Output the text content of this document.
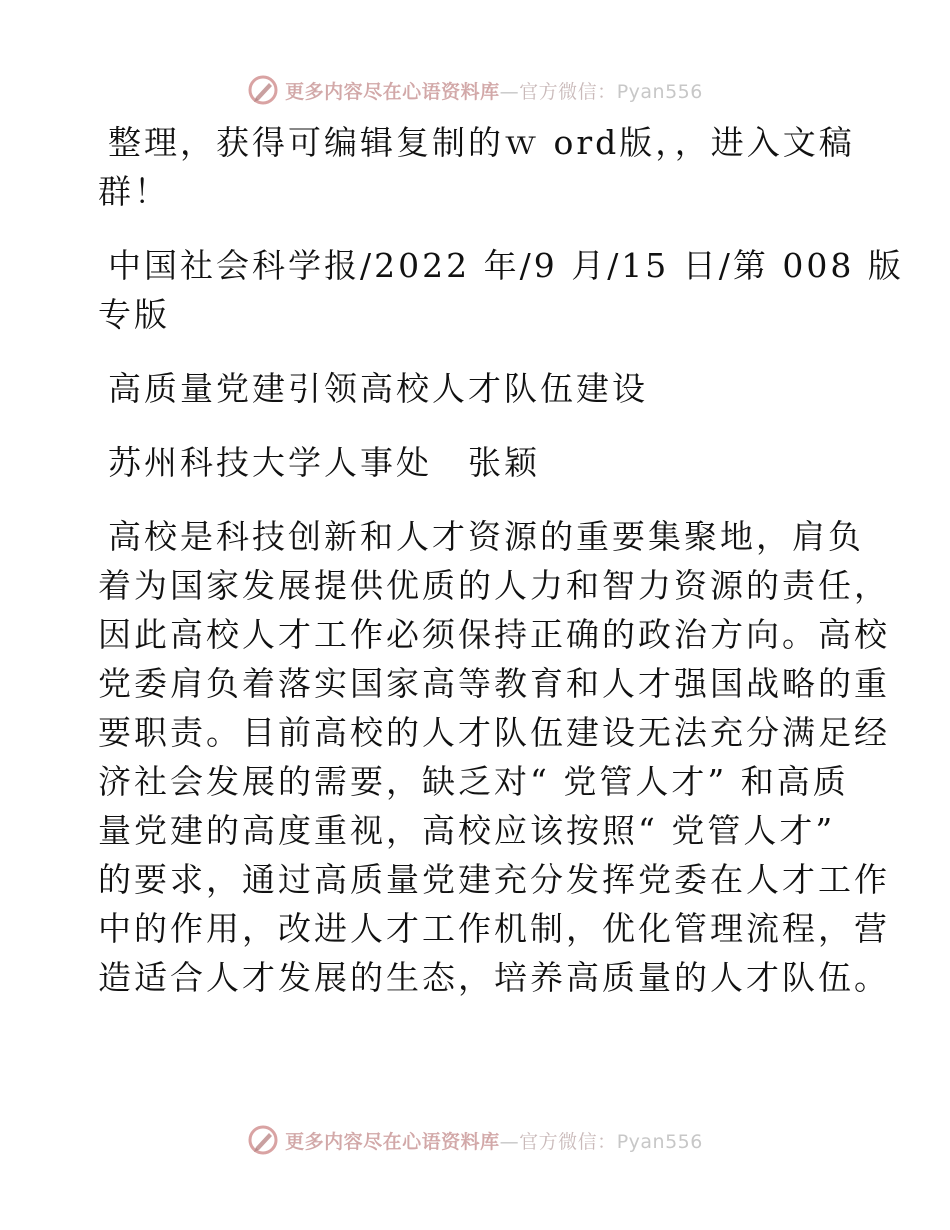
更多内容尽在心语资料库—官方微信：Pyan556
整理，获得可编辑复制的ｗ ord版，，进入文稿
群！
中国社会科学报/2022 年/9 月/15 日/第 008 版
专版
高质量党建引领高校人才队伍建设
苏州科技大学人事处　张颖
高校是科技创新和人才资源的重要集聚地，肩负
着为国家发展提供优质的人力和智力资源的责任，
因此高校人才工作必须保持正确的政治方向。高校
党委肩负着落实国家高等教育和人才强国战略的重
要职责。目前高校的人才队伍建设无法充分满足经
济社会发展的需要，缺乏对“ 党管人才” 和高质
量党建的高度重视，高校应该按照“ 党管人才”
的要求，通过高质量党建充分发挥党委在人才工作
中的作用，改进人才工作机制，优化管理流程，营
造适合人才发展的生态，培养高质量的人才队伍。
更多内容尽在心语资料库—官方微信：Pyan556
